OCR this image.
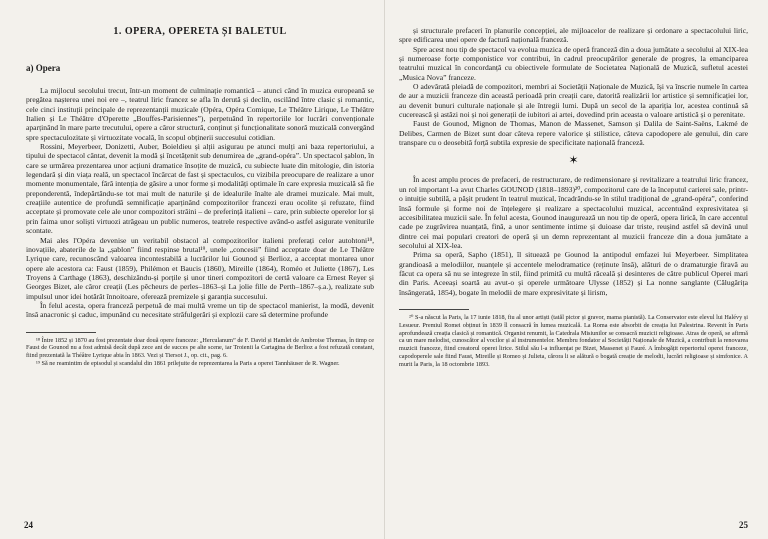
1. OPERA, OPERETA ȘI BALETUL
a) Opera

La mijlocul secolului trecut, într-un moment de culminație romantică – atunci când în muzica europeană se pregătea nașterea unei noi ere –, teatrul liric francez se afla în derută și declin, oscilând între clasic și romantic, cele cinci instituții principale de reprezentanții muzicale (Opéra, Opéra Comique, Le Théâtre Lirique, Le Théâtre Italien și Le Théâtre d'Operette „Bouffes-Parisiennes”), perpetuând în repertoriile lor lucrări convenționale aparținând în mare parte trecutului, opere a căror structură, conținut și funcționalitate sonoră muzicală convergând spre spectaculozitate și virtuozitate vocală, în scopul obținerii succesului cotidian.

Rossini, Meyerbeer, Donizetti, Auber, Boieldieu și alții asigurau pe atunci mulți ani baza repertoriului, a tipului de spectacol cântat, devenit la modă și încetățenit sub denumirea de „grand-opéra”. Un spectacol șablon, în care se urmărea prezentarea unor acțiuni dramatice însoțite de muzică, cu subiecte luate din mitologie, din istoria legendară și din viața reală, un spectacol încărcat de fast și spectaculos, cu vizibila preocupare de realizare a unor momente monumentale, fără intenția de găsire a unor forme și modalități optimale în care expresia muzicală să fie preponderentă, îndepărtându-se tot mai mult de naturile și de idealurile înalte ale dramei muzicale. Mai mult, creațiile autentice de profundă semnificație aparținând compozitorilor francezi erau ocolite și refuzate, fiind acceptate și promovate cele ale unor compozitori străini – de preferință italieni – care, prin subiecte operelor lor și prin faima unor soliști virtuozi atrăgeau un public numeros, teatrele respective având-o astfel asigurate veniturile scontate.

Mai ales l'Opéra devenise un veritabil obstacol al compozitorilor italieni preferați celor autohtoni¹⁸, inovațiile, abaterile de la „șablon” fiind respinse brutal¹⁹, unele „concesii” fiind acceptate doar de Le Théâtre Lyrique care, recunoscând valoarea incontestabilă a lucrărilor lui Gounod și Berlioz, a acceptat montarea unor opere ale acestora ca: Faust (1859), Philémon et Baucis (1860), Mireille (1864), Roméo et Juliette (1867), Les Troyens à Carthage (1863), deschizându-și porțile și unor tineri compozitori de certă valoare ca Ernest Reyer și Georges Bizet, ale căror creații (Les pêcheurs de perles–1863–și La jolie fille de Perth–1867–ș.a.), realizate sub impulsul unor idei hotărât înnoitoare, oferează premizele și garanția succesului.

În felul acesta, opera franceză perpetuă de mai multă vreme un tip de spectacol manierist, la modă, devenit însă anacronic și caduc, impunând cu necesitate străfulgerări și explozii care să determine profunde

¹⁸ Între 1852 și 1870 au fost prezentate doar două opere franceze: „Herculanum” de F. David și Hamlet de Ambroise Thomas, în timp ce Faust de Gounod nu a fost admisă decât după zece ani de succes pe alte scene, iar Troienii la Cartagina de Berlioz a fost refuzată constant, fiind prezentată la Théâtre Lyrique abia în 1863. Vezi și Tiersot J., op. cit., pag. 6.

¹⁹ Să ne reamintim de episodul și scandalul din 1861 prilejuite de reprezentarea la Paris a operei Tannhäuser de R. Wagner.

24

și structurale prefaceri în planurile concepției, ale mijloacelor de realizare și ordonare a spectacolului liric, spre edificarea unei opere de factură națională franceză.

Spre acest nou tip de spectacol va evolua muzica de operă franceză din a doua jumătate a secolului al XIX-lea și numeroase forțe componistice vor contribui, în cadrul preocupărilor generale de progres, la emanciparea teatrului muzical în concordanță cu obiectivele formulate de Societatea Națională de Muzică, sufletul acestei „Musica Nova” franceze.

O adevărată pleiadă de compozitori, membri ai Societății Naționale de Muzică, își va înscrie numele în cartea de aur a muzicii franceze din această perioadă prin creații care, datorită realizării lor artistice și semnificației lor, au devenit bunuri culturale naționale și ale întregii lumi. După un secol de la apariția lor, acestea continuă să cucerească și astăzi noi și noi generații de iubitori ai artei, dovedind prin aceasta o valoare artistică și o perenitate.

Faust de Gounod, Mignon de Thomas, Manon de Massenet, Samson și Dalila de Saint-Saëns, Lakmé de Delibes, Carmen de Bizet sunt doar câteva repere valorice și stilistice, câteva capodopere ale genului, din care transpare cu o deosebită forță subtila expresie de specificitate națională franceză.

✶

În acest amplu proces de prefaceri, de restructurare, de redimensionare și revitalizare a teatrului liric francez, un rol important l-a avut Charles GOUNOD (1818–1893)²⁰, compozitorul care de la începutul carierei sale, printr-o intuiție subtilă, a pășit prudent în teatrul muzical, încadrându-se în stilul tradițional de „grand-opéra”, conferind însă formule și forme noi de înțelegere și realizare a spectacolului muzical, accentuând expresivitatea și accesibilitatea muzicii sale. În felul acesta, Gounod inaugurează un nou tip de operă, opera lirică, în care accentul cade pe zugrăvirea nuanțată, fină, a unor sentimente intime și duioase dar triste, reușind astfel să devină unul dintre cei mai populari creatori de operă și un demn reprezentant al muzicii franceze din a doua jumătate a secolului al XIX-lea.

Prima sa operă, Sapho (1851), îl situează pe Gounod la antipodul emfazei lui Meyerbeer. Simplitatea grandioasă a melodiilor, nuanțele și accentele melodramatice (reținute însă), alături de o dramaturgie firavă au făcut ca opera să nu se integreze în stil, fiind primită cu multă răceală și desinteres de către publicul Operei mari din Paris. Aceeași soartă au avut-o și operele următoare Ulysse (1852) și La nonne sanglante (Călugărița însângerată, 1854), bogate în melodii de mare expresivitate și lirism,

²⁰ S-a născut la Paris, la 17 iunie 1818, fiu al unor artiști (tatăl pictor și gravor, mama pianistă). La Conservator este elevul lui Halévy și Lesueur. Premiul Romei obținut în 1839 îl consacră în lumea muzicală. La Roma este absorbit de creația lui Palestrina. Revenit în Paris aprofundează creația clasică și romantică. Organist renumit, la Catedrala Misiunilor se consacră muzicii religioase. Atras de operă, se afirmă ca un mare melodist, cunoscător al vocilor și al instrumentelor. Membru fondator al Societății Naționale de Muzică, a contribuit la renovarea muzicii franceze, fiind creatorul operei lirice. Stilul său l-a influențat pe Bizet, Massenet și Fauré. A îmbogățit repertoriul operei franceze, capodoperele sale fiind Faust, Mireille și Romeo și Julieta, cărora li se alătură o bogată creație de melodii, lucrări religioase și simfonice. A murit la Paris, la 18 octombrie 1893.

25
